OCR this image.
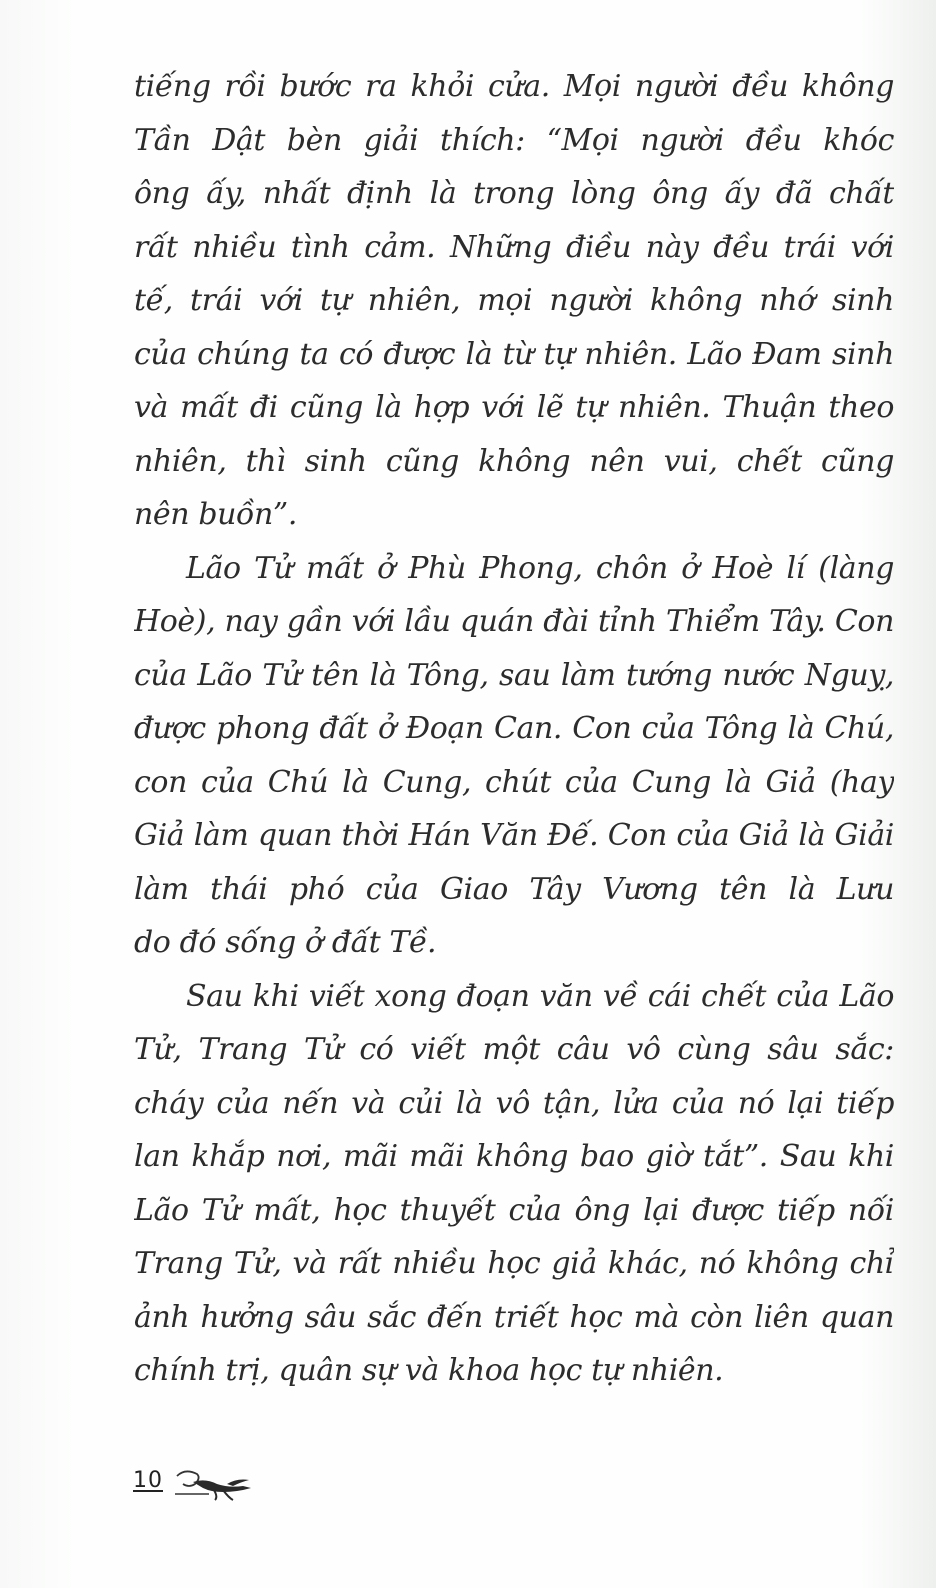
tiếng rồi bước ra khỏi cửa. Mọi người đều không
Tần Dật bèn giải thích: “Mọi người đều khóc
ông ấy, nhất định là trong lòng ông ấy đã chất
rất nhiều tình cảm. Những điều này đều trái với
tế, trái với tự nhiên, mọi người không nhớ sinh
của chúng ta có được là từ tự nhiên. Lão Đam sinh
và mất đi cũng là hợp với lẽ tự nhiên. Thuận theo
nhiên, thì sinh cũng không nên vui, chết cũng
nên buồn”.
Lão Tử mất ở Phù Phong, chôn ở Hoè lí (làng
Hoè), nay gần với lầu quán đài tỉnh Thiểm Tây. Con
của Lão Tử tên là Tông, sau làm tướng nước Nguỵ,
được phong đất ở Đoạn Can. Con của Tông là Chú,
con của Chú là Cung, chút của Cung là Giả (hay
Giả làm quan thời Hán Văn Đế. Con của Giả là Giải
làm thái phó của Giao Tây Vương tên là Lưu
do đó sống ở đất Tề.
Sau khi viết xong đoạn văn về cái chết của Lão
Tử, Trang Tử có viết một câu vô cùng sâu sắc:
cháy của nến và củi là vô tận, lửa của nó lại tiếp
lan khắp nơi, mãi mãi không bao giờ tắt”. Sau khi
Lão Tử mất, học thuyết của ông lại được tiếp nối
Trang Tử, và rất nhiều học giả khác, nó không chỉ
ảnh hưởng sâu sắc đến triết học mà còn liên quan
chính trị, quân sự và khoa học tự nhiên.
10
